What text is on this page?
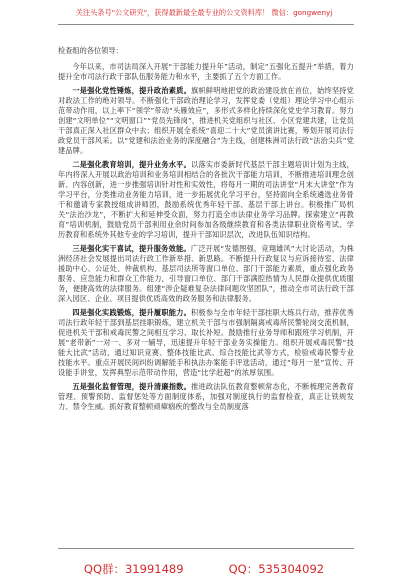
关注头条号"公文研究"，获得最新最全最专业的公文资料库！ 微信：gongwenyj
检查组的各位领导：

今年以来，市司法局深入开展“干部能力提升年”活动，制定“五强化五提升”举措，着力提升全市司法行政干部队伍服务能力和水平，主要抓了五个方面工作。

一是强化党性锤炼，提升政治素质。旗帜鲜明地把党的政治建设放在首位，始终坚持党对政法工作的绝对领导。不断强化干部政治理论学习，发挥党委（党组）理论学习中心组示范带动作用，以上率下“领学”带动“头雁效应”，多形式多样化持续深化党史学习教育。努力创建“文明单位”“文明窗口”“党员先锋岗”，推进机关党组织与社区、小区党建共建，让党员干部真正深入社区群众中去；组织开展全系统“喜迎二十大”党员演讲比赛，筹划开展司法行政党员干部风采。以“党建和法治业务的深度融合”为主线，创建株洲司法行政“法治尖兵”党建品牌。

二是强化教育培训，提升业务水平。以落实市委新时代基层干部主题培训计划为主线，年内将深入开展以政治培训和业务培训相结合的各批次干部能力培训，不断推进培训理念创新、内容创新，进一步推强培训针对性和实效性，将每月一期的司法讲堂“月末大讲堂”作为学习平台，分类推动业务能力培训，进一步拓展优化学习平台，坚持面向全系统遴选业务骨干和邀请专家教授组成讲师团，鼓励系统优秀年轻干部、基层干部上讲台。积极推广局机关“法治沙龙”，不断扩大和延伸受众面，努力打造全市法律业务学习品牌。探索建立“再教育”培训机制，鼓励党员干部利用业余时间参加各级继续教育和各类法律职业资格考试、学历教育和系统外其他专业的学习培训，提升干部知识层次，改进队伍知识结构。

三是强化实干喜试，提升服务效能。广泛开展“发德图强，竞翔雄风”大讨论活动，为株洲经济社会发展提出司法行政工作新举措、新思路。不断提升行政复议与应诉接待室、法律援助中心、公证处、仲裁机构、基层司法所等窗口单位、部门干部能力素质，重点强化政务服务、应急能力和群众工作能力，引导窗口单位、部门干部满腔热情为人民群众提供优质服务，便捷高效的法律服务。组建“涉企疑难复杂法律问题攻坚团队”，推动全市司法行政干部深入园区、企业、项目提供优质高效的政务服务和法律服务。

四是强化实践锻炼，提升履职能力。积极参与全市年轻干部挂职大练兵行动，推荐优秀司法行政年轻干部到基层挂职锻炼，建立机关干部与市强制隔离戒毒所民警轮岗交流机制，促进机关干部和戒毒民警之间相互学习、取长补短。鼓励推行业务导师和跟班学习机制，开展“老带新”一对一、多对一辅导，迅速提升年轻干部业务实操能力。组织开展戒毒民警“技能大比武”活动，通过知识竞赛、整体技能比武、综合技能比武等方式，检验戒毒民警专业技能水平。重点开展民间纠纷调解能手和执法办案能手评选活动，通过“每月一星”宣传、开设能手讲堂，发挥典型示范带动作用，营造“比学赶超”的浓厚氛围。

五是强化监督管理，提升清廉指数。推进政法队伍教育整顿常态化，不断梳理完善教育管理、预警预防、监督惩处等方面制度体系，加强对制度执行的监督检查，真正让铁规发力、禁令生威。抓好教育整顿顽瘴痼疾的整改与全员制度落

QQ群：31991489	QQ：535304092
